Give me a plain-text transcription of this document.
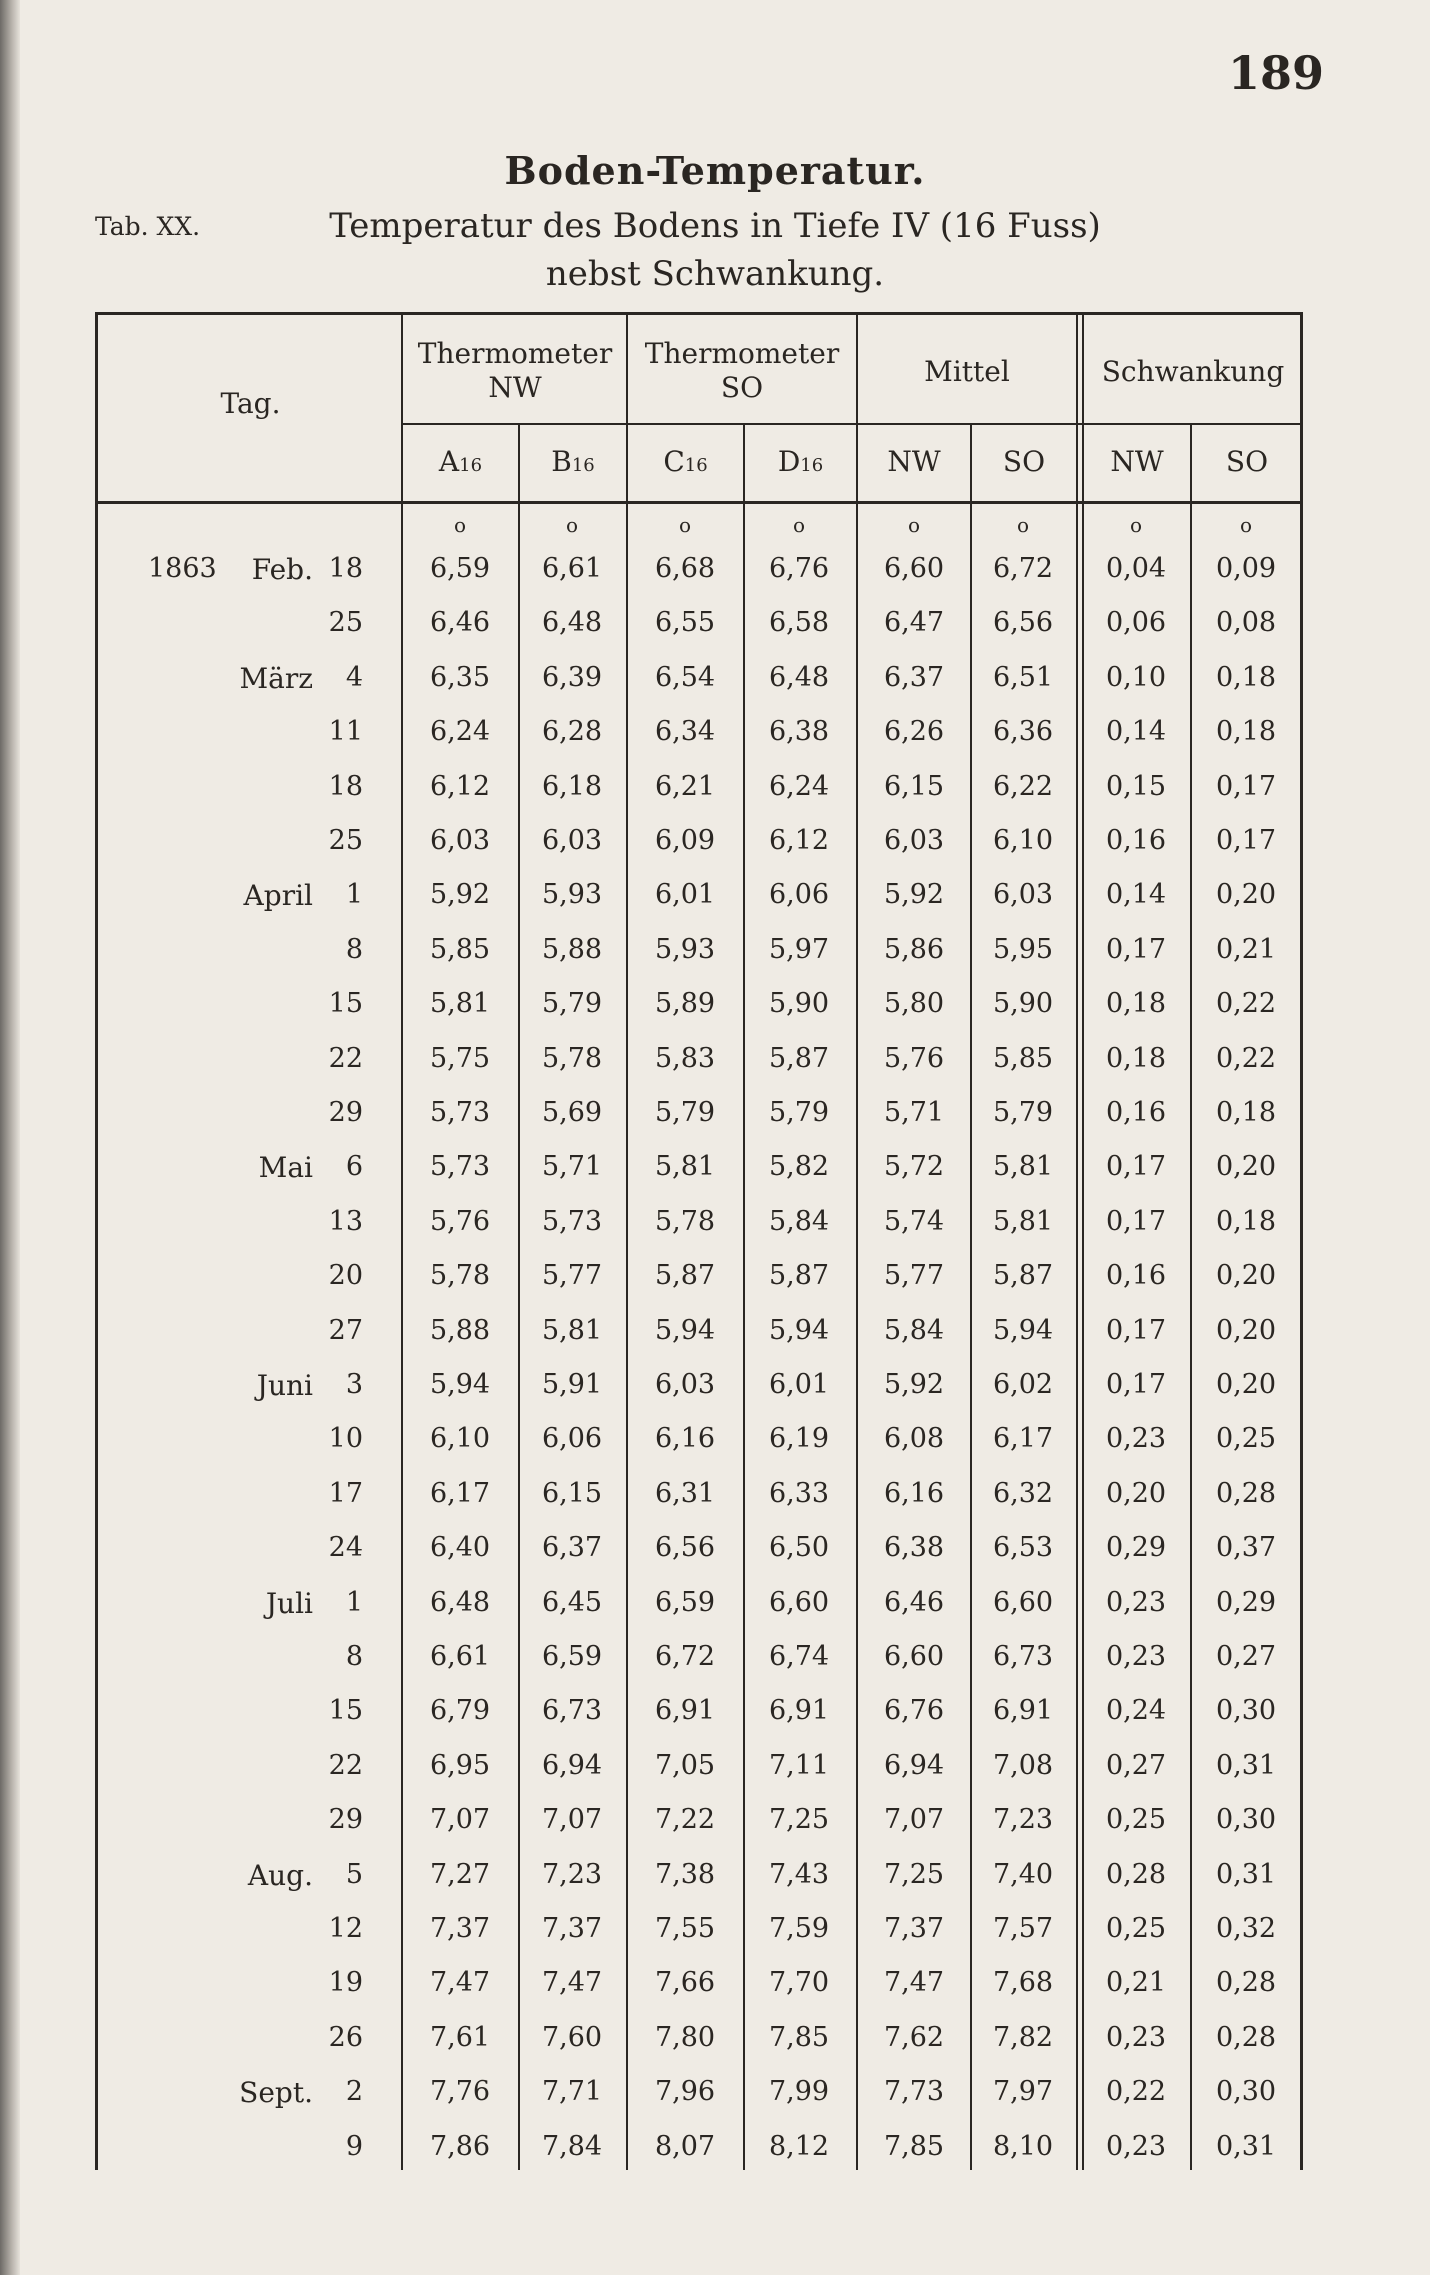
189
Boden-Temperatur.
Tab. XX.	Temperatur des Bodens in Tiefe IV (16 Fuss)
nebst Schwankung.
Tag.
Thermometer
NW
Thermometer
SO	Mittel	Schwankung
A16	B16	C16	D16	NW	SO	NW	SO
o	o	o	o	o	o	o	o
1863	Feb. 18	6,59	6,61	6,68	6,76	6,60	6,72	0,04	0,09
25	6,46	6,48	6,55	6,58	6,47	6,56	0,06	0,08
März	4	6,35	6,39	6,54	6,48	6,37	6,51	0,10	0,18
11	6,24	6,28	6,34	6,38	6,26	6,36	0,14	0,18
18	6,12	6,18	6,21	6,24	6,15	6,22	0,15	0,17
25	6,03	6,03	6,09	6,12	6,03	6,10	0,16	0,17
April	1	5,92	5,93	6,01	6,06	5,92	6,03	0,14	0,20
8	5,85	5,88	5,93	5,97	5,86	5,95	0,17	0,21
15	5,81	5,79	5,89	5,90	5,80	5,90	0,18	0,22
22	5,75	5,78	5,83	5,87	5,76	5,85	0,18	0,22
29	5,73	5,69	5,79	5,79	5,71	5,79	0,16	0,18
Mai	6	5,73	5,71	5,81	5,82	5,72	5,81	0,17	0,20
13	5,76	5,73	5,78	5,84	5,74	5,81	0,17	0,18
20	5,78	5,77	5,87	5,87	5,77	5,87	0,16	0,20
27	5,88	5,81	5,94	5,94	5,84	5,94	0,17	0,20
Juni	3	5,94	5,91	6,03	6,01	5,92	6,02	0,17	0,20
10	6,10	6,06	6,16	6,19	6,08	6,17	0,23	0,25
17	6,17	6,15	6,31	6,33	6,16	6,32	0,20	0,28
24	6,40	6,37	6,56	6,50	6,38	6,53	0,29	0,37
Juli	1	6,48	6,45	6,59	6,60	6,46	6,60	0,23	0,29
8	6,61	6,59	6,72	6,74	6,60	6,73	0,23	0,27
15	6,79	6,73	6,91	6,91	6,76	6,91	0,24	0,30
22	6,95	6,94	7,05	7,11	6,94	7,08	0,27	0,31
29	7,07	7,07	7,22	7,25	7,07	7,23	0,25	0,30
Aug.	5	7,27	7,23	7,38	7,43	7,25	7,40	0,28	0,31
12	7,37	7,37	7,55	7,59	7,37	7,57	0,25	0,32
19	7,47	7,47	7,66	7,70	7,47	7,68	0,21	0,28
26	7,61	7,60	7,80	7,85	7,62	7,82	0,23	0,28
Sept.	2	7,76	7,71	7,96	7,99	7,73	7,97	0,22	0,30
9	7,86	7,84	8,07	8,12	7,85	8,10	0,23	0,31
